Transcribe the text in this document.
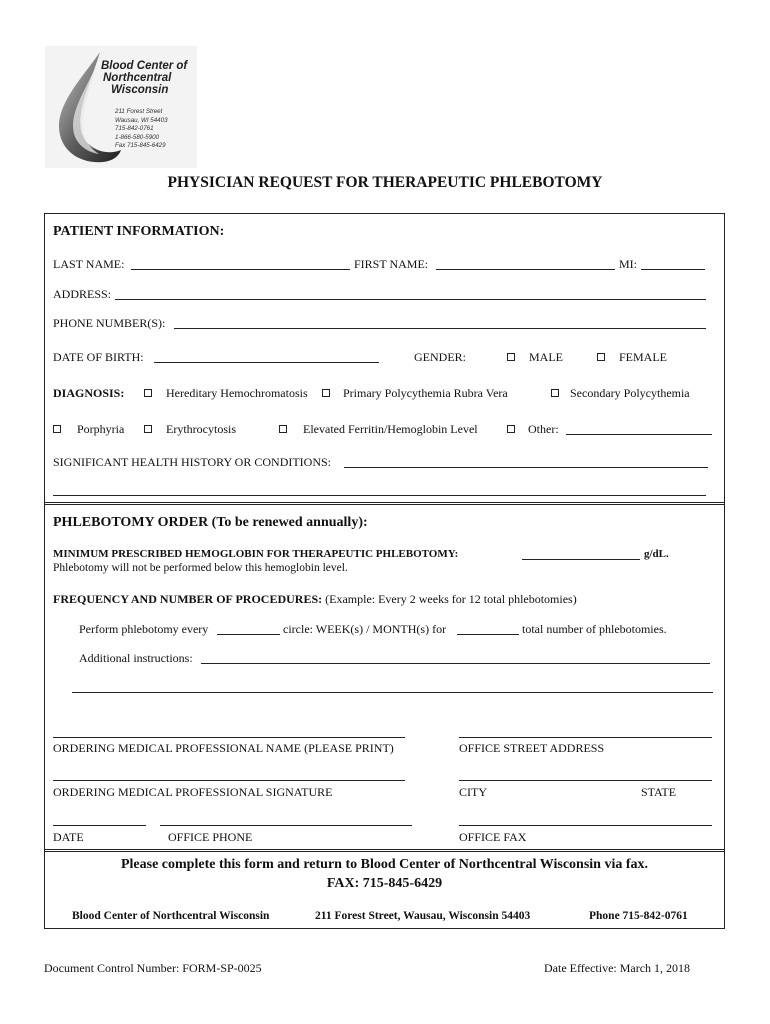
Blood Center of
Northcentral
Wisconsin
211 Forest Street
Wausau, WI 54403
715-842-0761
1-866-580-5900
Fax 715-845-6429
PHYSICIAN REQUEST FOR THERAPEUTIC PHLEBOTOMY
PATIENT INFORMATION:
LAST NAME:	FIRST NAME:	MI:
ADDRESS:
PHONE NUMBER(S):
DATE OF BIRTH:	GENDER:	MALE	FEMALE
DIAGNOSIS:	Hereditary Hemochromatosis	Primary Polycythemia Rubra Vera	Secondary Polycythemia
Porphyria	Erythrocytosis	Elevated Ferritin/Hemoglobin Level	Other:
SIGNIFICANT HEALTH HISTORY OR CONDITIONS:
PHLEBOTOMY ORDER (To be renewed annually):
MINIMUM PRESCRIBED HEMOGLOBIN FOR THERAPEUTIC PHLEBOTOMY:	g/dL.
Phlebotomy will not be performed below this hemoglobin level.
FREQUENCY AND NUMBER OF PROCEDURES: (Example: Every 2 weeks for 12 total phlebotomies)
Perform phlebotomy every	circle: WEEK(s) / MONTH(s) for	total number of phlebotomies.
Additional instructions:
ORDERING MEDICAL PROFESSIONAL NAME (PLEASE PRINT)	OFFICE STREET ADDRESS
ORDERING MEDICAL PROFESSIONAL SIGNATURE	CITY	STATE
DATE	OFFICE PHONE	OFFICE FAX
Please complete this form and return to Blood Center of Northcentral Wisconsin via fax.
FAX: 715-845-6429
Blood Center of Northcentral Wisconsin	211 Forest Street, Wausau, Wisconsin 54403	Phone 715-842-0761
Document Control Number: FORM-SP-0025	Date Effective: March 1, 2018
